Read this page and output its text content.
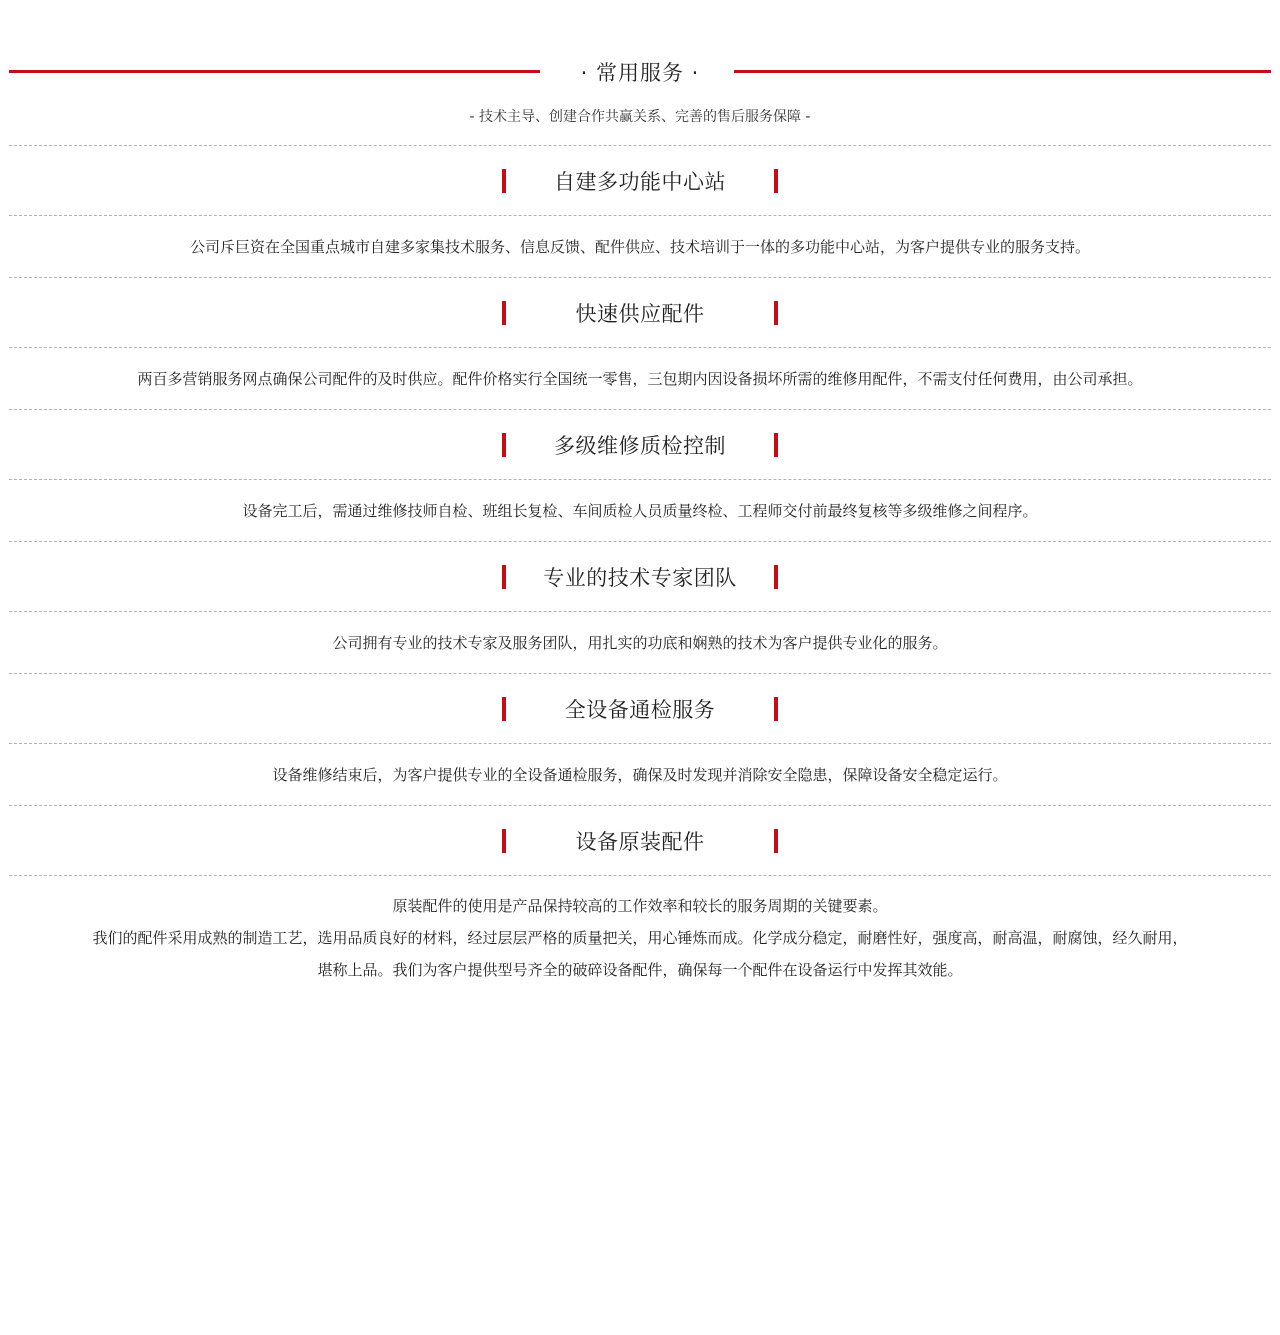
· 常用服务 ·
- 技术主导、创建合作共赢关系、完善的售后服务保障 -
自建多功能中心站
公司斥巨资在全国重点城市自建多家集技术服务、信息反馈、配件供应、技术培训于一体的多功能中心站，为客户提供专业的服务支持。
快速供应配件
两百多营销服务网点确保公司配件的及时供应。配件价格实行全国统一零售，三包期内因设备损坏所需的维修用配件，不需支付任何费用，由公司承担。
多级维修质检控制
设备完工后，需通过维修技师自检、班组长复检、车间质检人员质量终检、工程师交付前最终复核等多级维修之间程序。
专业的技术专家团队
公司拥有专业的技术专家及服务团队，用扎实的功底和娴熟的技术为客户提供专业化的服务。
全设备通检服务
设备维修结束后，为客户提供专业的全设备通检服务，确保及时发现并消除安全隐患，保障设备安全稳定运行。
设备原装配件

原装配件的使用是产品保持较高的工作效率和较长的服务周期的关键要素。

我们的配件采用成熟的制造工艺，选用品质良好的材料，经过层层严格的质量把关，用心锤炼而成。化学成分稳定，耐磨性好，强度高，耐高温，耐腐蚀，经久耐用，

堪称上品。我们为客户提供型号齐全的破碎设备配件，确保每一个配件在设备运行中发挥其效能。
